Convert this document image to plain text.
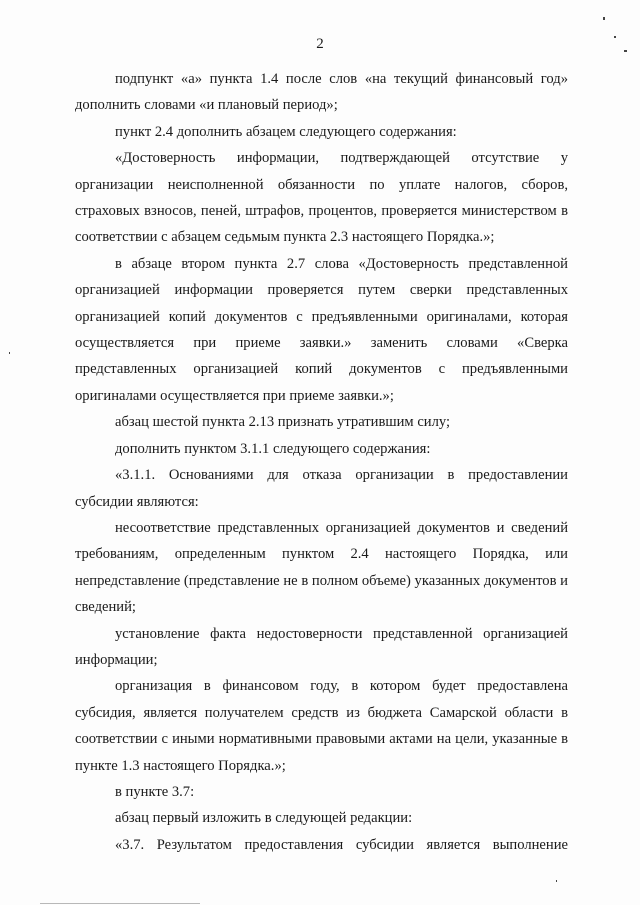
2

подпункт «а» пункта 1.4 после слов «на текущий финансовый год» дополнить словами «и плановый период»;

пункт 2.4 дополнить абзацем следующего содержания:

«Достоверность информации, подтверждающей отсутствие у организации неисполненной обязанности по уплате налогов, сборов, страховых взносов, пеней, штрафов, процентов, проверяется министерством в соответствии с абзацем седьмым пункта 2.3 настоящего Порядка.»;

в абзаце втором пункта 2.7 слова «Достоверность представленной организацией информации проверяется путем сверки представленных организацией копий документов с предъявленными оригиналами, которая осуществляется при приеме заявки.» заменить словами «Сверка представленных организацией копий документов с предъявленными оригиналами осуществляется при приеме заявки.»;

абзац шестой пункта 2.13 признать утратившим силу;

дополнить пунктом 3.1.1 следующего содержания:

«3.1.1. Основаниями для отказа организации в предоставлении субсидии являются:

несоответствие представленных организацией документов и сведений требованиям, определенным пунктом 2.4 настоящего Порядка, или непредставление (представление не в полном объеме) указанных документов и сведений;

установление факта недостоверности представленной организацией информации;

организация в финансовом году, в котором будет предоставлена субсидия, является получателем средств из бюджета Самарской области в соответствии с иными нормативными правовыми актами на цели, указанные в пункте 1.3 настоящего Порядка.»;

в пункте 3.7:

абзац первый изложить в следующей редакции:

«3.7. Результатом предоставления субсидии является выполнение
